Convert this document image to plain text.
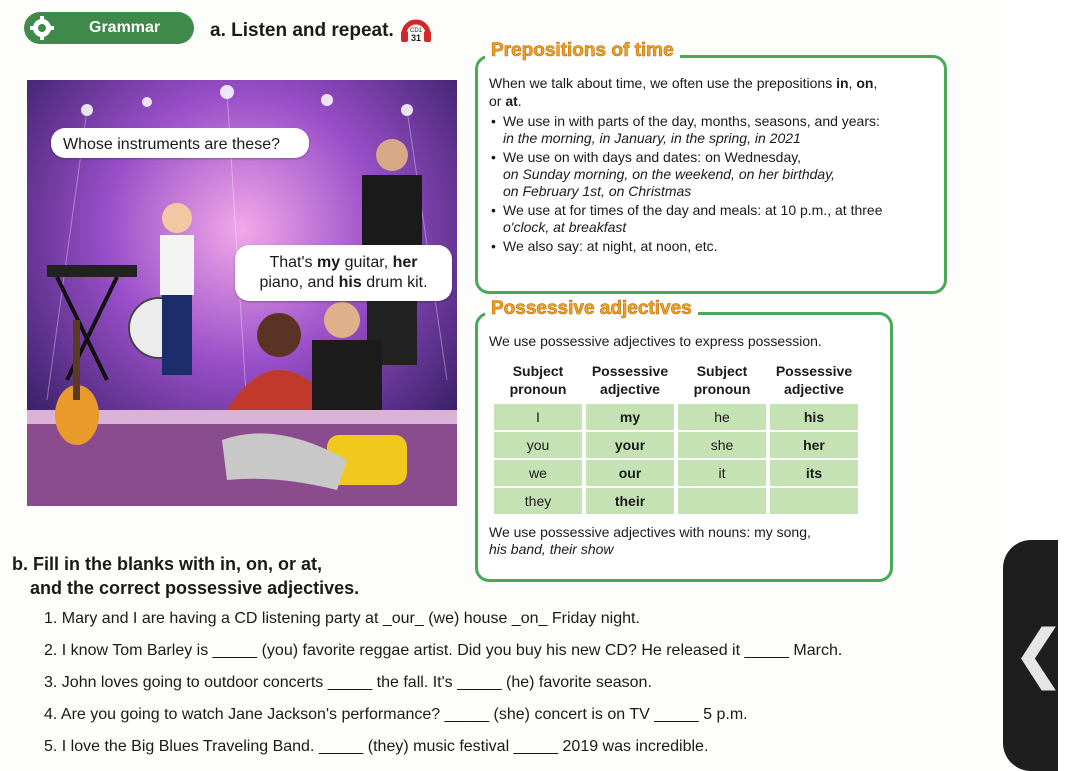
Grammar	a. Listen and repeat.	CD1
31
Whose instruments are these?
That's my guitar, her
piano, and his drum kit.
Prepositions of time
When we talk about time, we often use the prepositions in, on,
or at.
• We use in with parts of the day, months, seasons, and years:
in the morning, in January, in the spring, in 2021
• We use on with days and dates: on Wednesday,
on Sunday morning, on the weekend, on her birthday,
on February 1st, on Christmas
• We use at for times of the day and meals: at 10 p.m., at three
o'clock, at breakfast
• We also say: at night, at noon, etc.
Possessive adjectives
We use possessive adjectives to express possession.
Subject pronoun	Possessive adjective	Subject pronoun	Possessive adjective
I	my	he	his
you	your	she	her
we	our	it	its
they	their		
We use possessive adjectives with nouns: my song,
his band, their show
b. Fill in the blanks with in, on, or at,
and the correct possessive adjectives.
1. Mary and I are having a CD listening party at _our_ (we) house _on_ Friday night.
2. I know Tom Barley is _____ (you) favorite reggae artist. Did you buy his new CD? He released it _____ March.
3. John loves going to outdoor concerts _____ the fall. It's _____ (he) favorite season.
4. Are you going to watch Jane Jackson's performance? _____ (she) concert is on TV _____ 5 p.m.
5. I love the Big Blues Traveling Band. _____ (they) music festival _____ 2019 was incredible.
❮
